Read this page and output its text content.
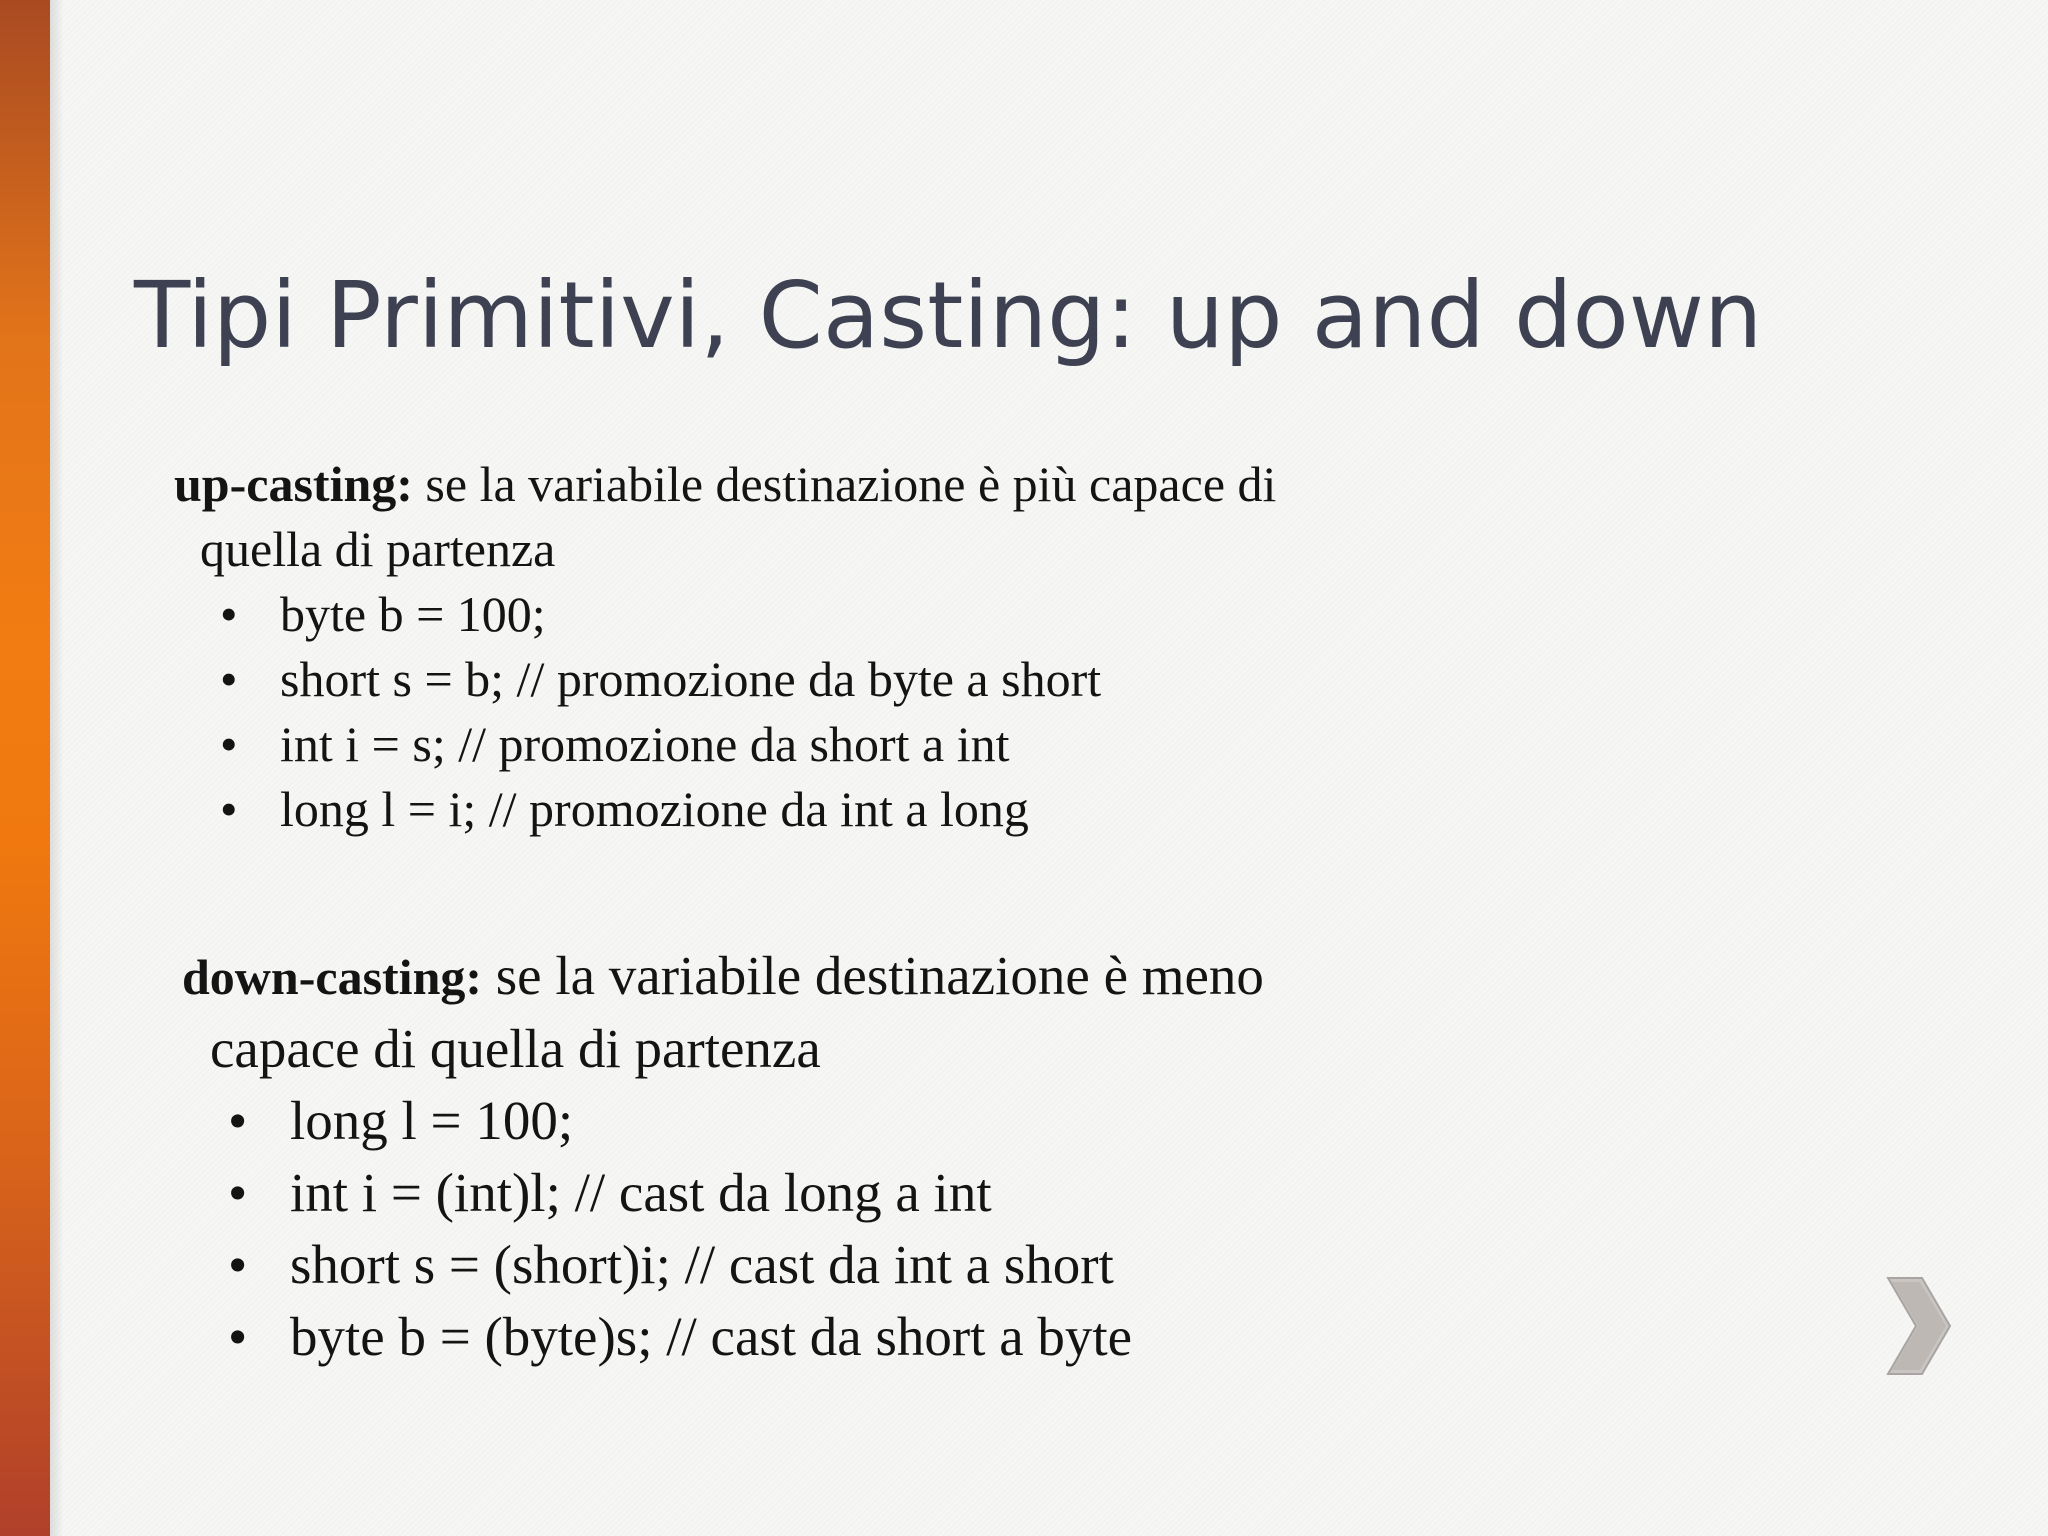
Tipi Primitivi, Casting: up and down

up-casting: se la variabile destinazione è più capace di

quella di partenza
• byte b = 100;
• short s = b; // promozione da byte a short
• int i = s; // promozione da short a int
• long l = i; // promozione da int a long

down-casting: se la variabile destinazione è meno

capace di quella di partenza
• long l = 100;
• int i = (int)l; // cast da long a int
• short s = (short)i; // cast da int a short
• byte b = (byte)s; // cast da short a byte
